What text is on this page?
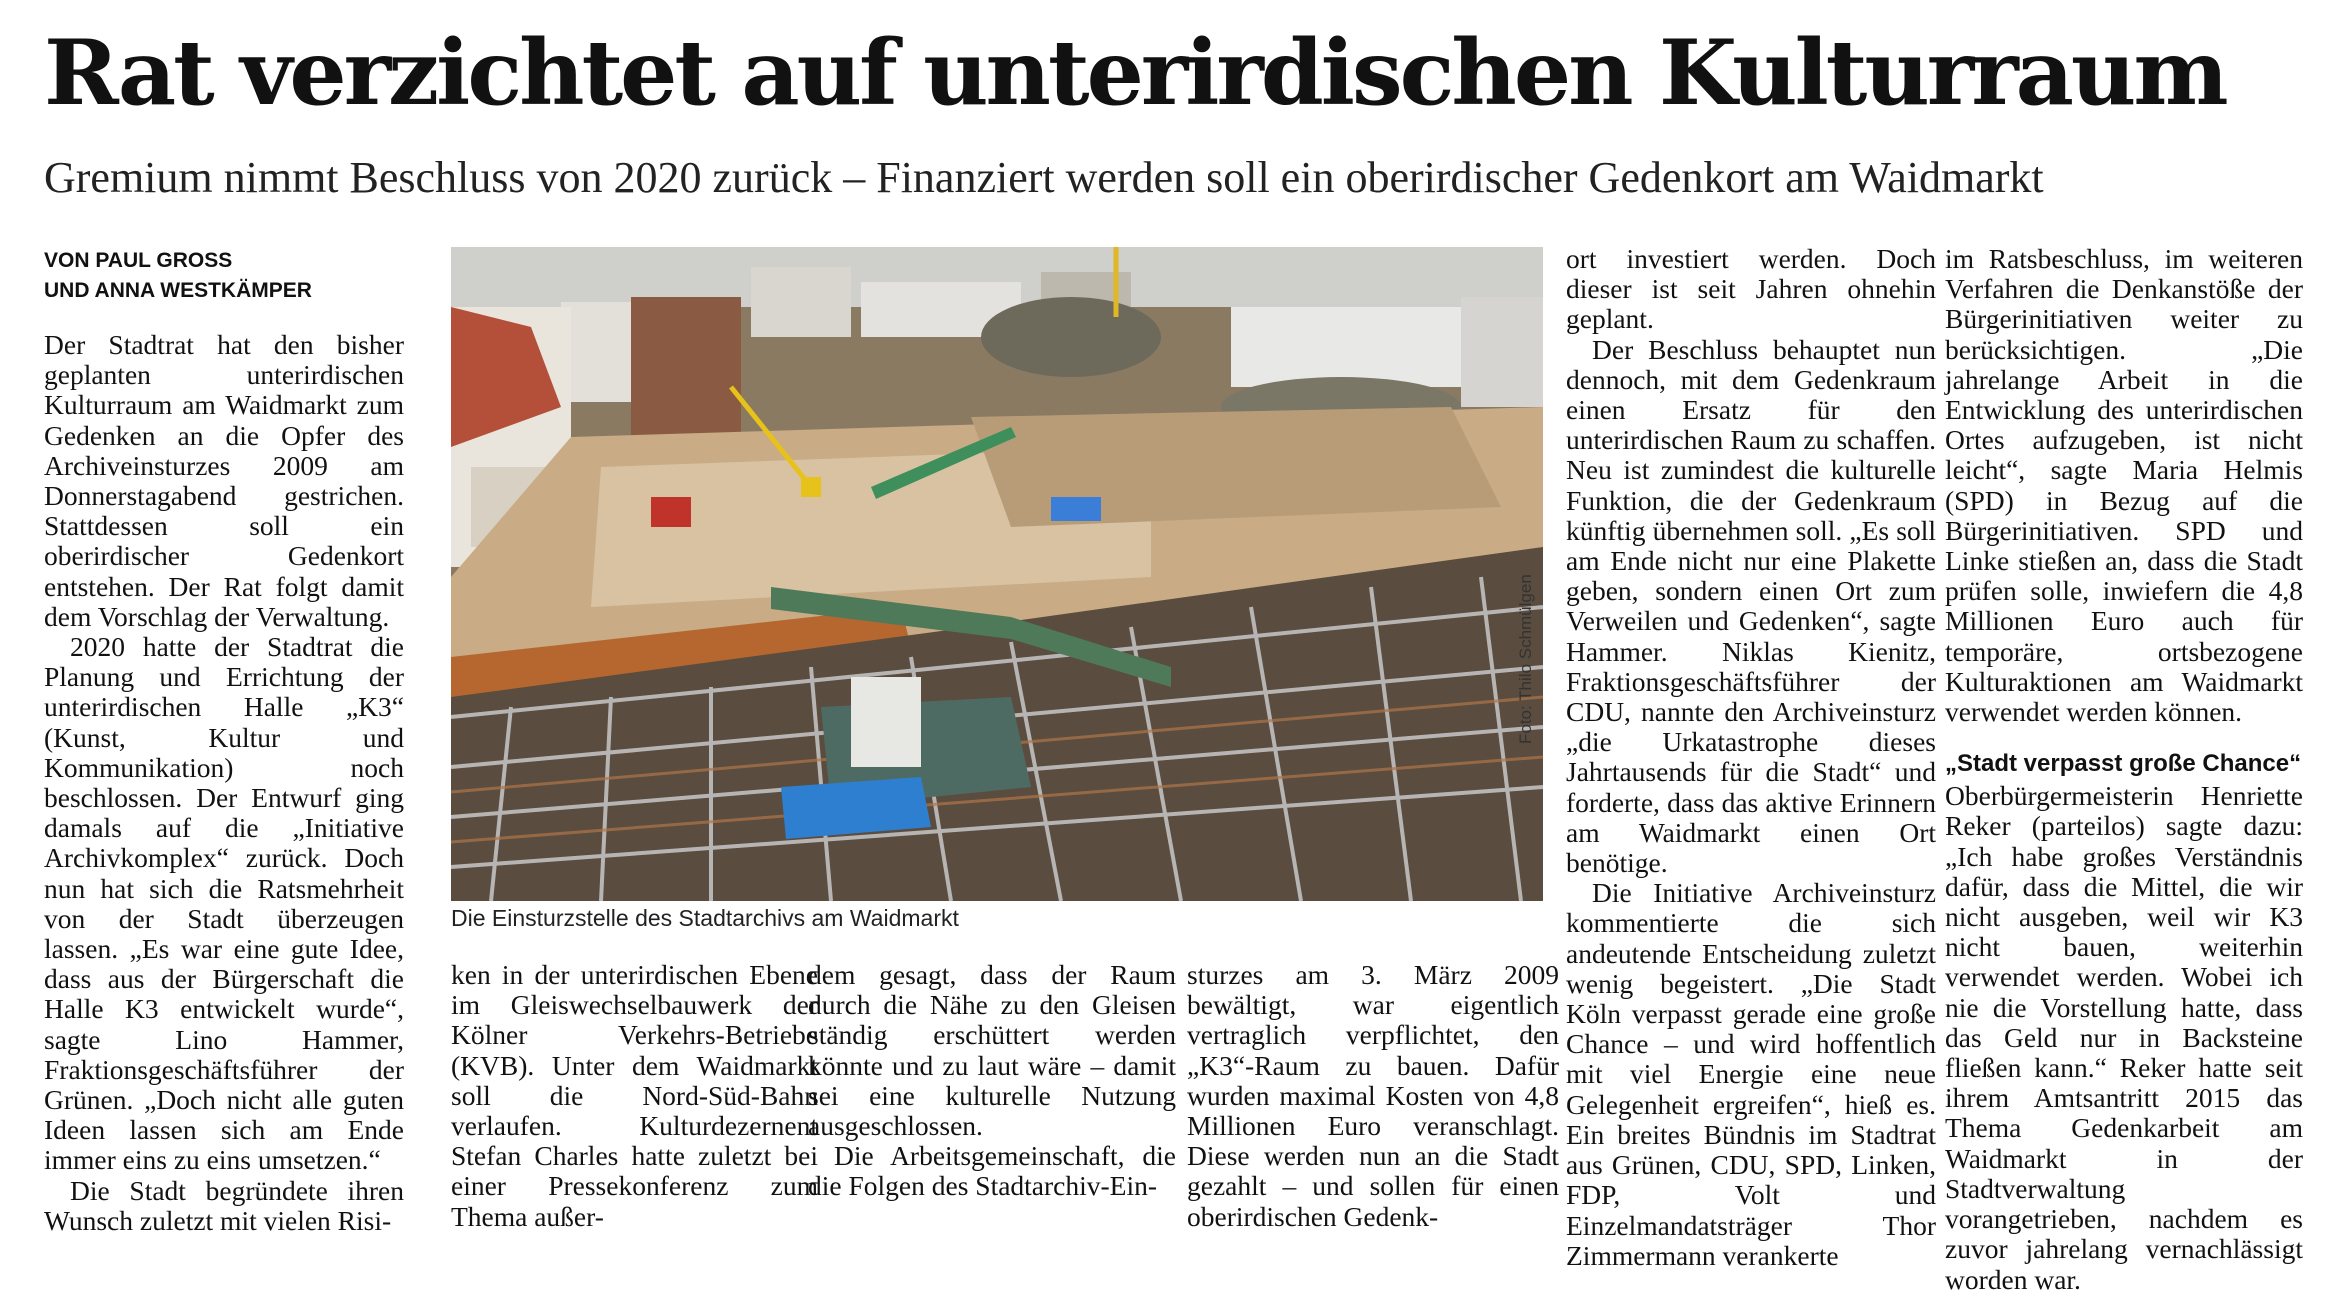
Rat verzichtet auf unterirdischen Kulturraum
Gremium nimmt Beschluss von 2020 zurück – Finanziert werden soll ein oberirdischer Gedenkort am Waidmarkt
VON PAUL GROSS
UND ANNA WESTKÄMPER

Der Stadtrat hat den bisher geplanten unterirdischen Kulturraum am Waidmarkt zum Gedenken an die Opfer des Archiveinsturzes 2009 am Donnerstagabend gestrichen. Stattdessen soll ein oberirdischer Gedenkort entstehen. Der Rat folgt damit dem Vorschlag der Verwaltung.

2020 hatte der Stadtrat die Planung und Errichtung der unterirdischen Halle „K3“ (Kunst, Kultur und Kommunikation) noch beschlossen. Der Entwurf ging damals auf die „Initiative Archivkomplex“ zurück. Doch nun hat sich die Ratsmehrheit von der Stadt überzeugen lassen. „Es war eine gute Idee, dass aus der Bürgerschaft die Halle K3 entwickelt wurde“, sagte Lino Hammer, Fraktionsgeschäftsführer der Grünen. „Doch nicht alle guten Ideen lassen sich am Ende immer eins zu eins umsetzen.“

Die Stadt begründete ihren Wunsch zuletzt mit vielen Risi-

Foto: Thilo Schmülgen
Die Einsturzstelle des Stadtarchivs am Waidmarkt

ken in der unterirdischen Ebene im Gleiswechselbauwerk der Kölner Verkehrs-Betriebe (KVB). Unter dem Waidmarkt soll die Nord-Süd-Bahn verlaufen. Kulturdezernent Stefan Charles hatte zuletzt bei einer Pressekonferenz zum Thema außer-

dem gesagt, dass der Raum durch die Nähe zu den Gleisen ständig erschüttert werden könnte und zu laut wäre – damit sei eine kulturelle Nutzung ausgeschlossen.

Die Arbeitsgemeinschaft, die die Folgen des Stadtarchiv-Ein-

sturzes am 3. März 2009 bewältigt, war eigentlich vertraglich verpflichtet, den „K3“-Raum zu bauen. Dafür wurden maximal Kosten von 4,8 Millionen Euro veranschlagt. Diese werden nun an die Stadt gezahlt – und sollen für einen oberirdischen Gedenk-

ort investiert werden. Doch dieser ist seit Jahren ohnehin geplant.

Der Beschluss behauptet nun dennoch, mit dem Gedenkraum einen Ersatz für den unterirdischen Raum zu schaffen. Neu ist zumindest die kulturelle Funktion, die der Gedenkraum künftig übernehmen soll. „Es soll am Ende nicht nur eine Plakette geben, sondern einen Ort zum Verweilen und Gedenken“, sagte Hammer. Niklas Kienitz, Fraktionsgeschäftsführer der CDU, nannte den Archiveinsturz „die Urkatastrophe dieses Jahrtausends für die Stadt“ und forderte, dass das aktive Erinnern am Waidmarkt einen Ort benötige.

Die Initiative Archiveinsturz kommentierte die sich andeutende Entscheidung zuletzt wenig begeistert. „Die Stadt Köln verpasst gerade eine große Chance – und wird hoffentlich mit viel Energie eine neue Gelegenheit ergreifen“, hieß es. Ein breites Bündnis im Stadtrat aus Grünen, CDU, SPD, Linken, FDP, Volt und Einzelmandatsträger Thor Zimmermann verankerte

im Ratsbeschluss, im weiteren Verfahren die Denkanstöße der Bürgerinitiativen weiter zu berücksichtigen. „Die jahrelange Arbeit in die Entwicklung des unterirdischen Ortes aufzugeben, ist nicht leicht“, sagte Maria Helmis (SPD) in Bezug auf die Bürgerinitiativen. SPD und Linke stießen an, dass die Stadt prüfen solle, inwiefern die 4,8 Millionen Euro auch für temporäre, ortsbezogene Kulturaktionen am Waidmarkt verwendet werden können.

„Stadt verpasst große Chance“

Oberbürgermeisterin Henriette Reker (parteilos) sagte dazu: „Ich habe großes Verständnis dafür, dass die Mittel, die wir nicht ausgeben, weil wir K3 nicht bauen, weiterhin verwendet werden. Wobei ich nie die Vorstellung hatte, dass das Geld nur in Backsteine fließen kann.“ Reker hatte seit ihrem Amtsantritt 2015 das Thema Gedenkarbeit am Waidmarkt in der Stadtverwaltung vorangetrieben, nachdem es zuvor jahrelang vernachlässigt worden war.
